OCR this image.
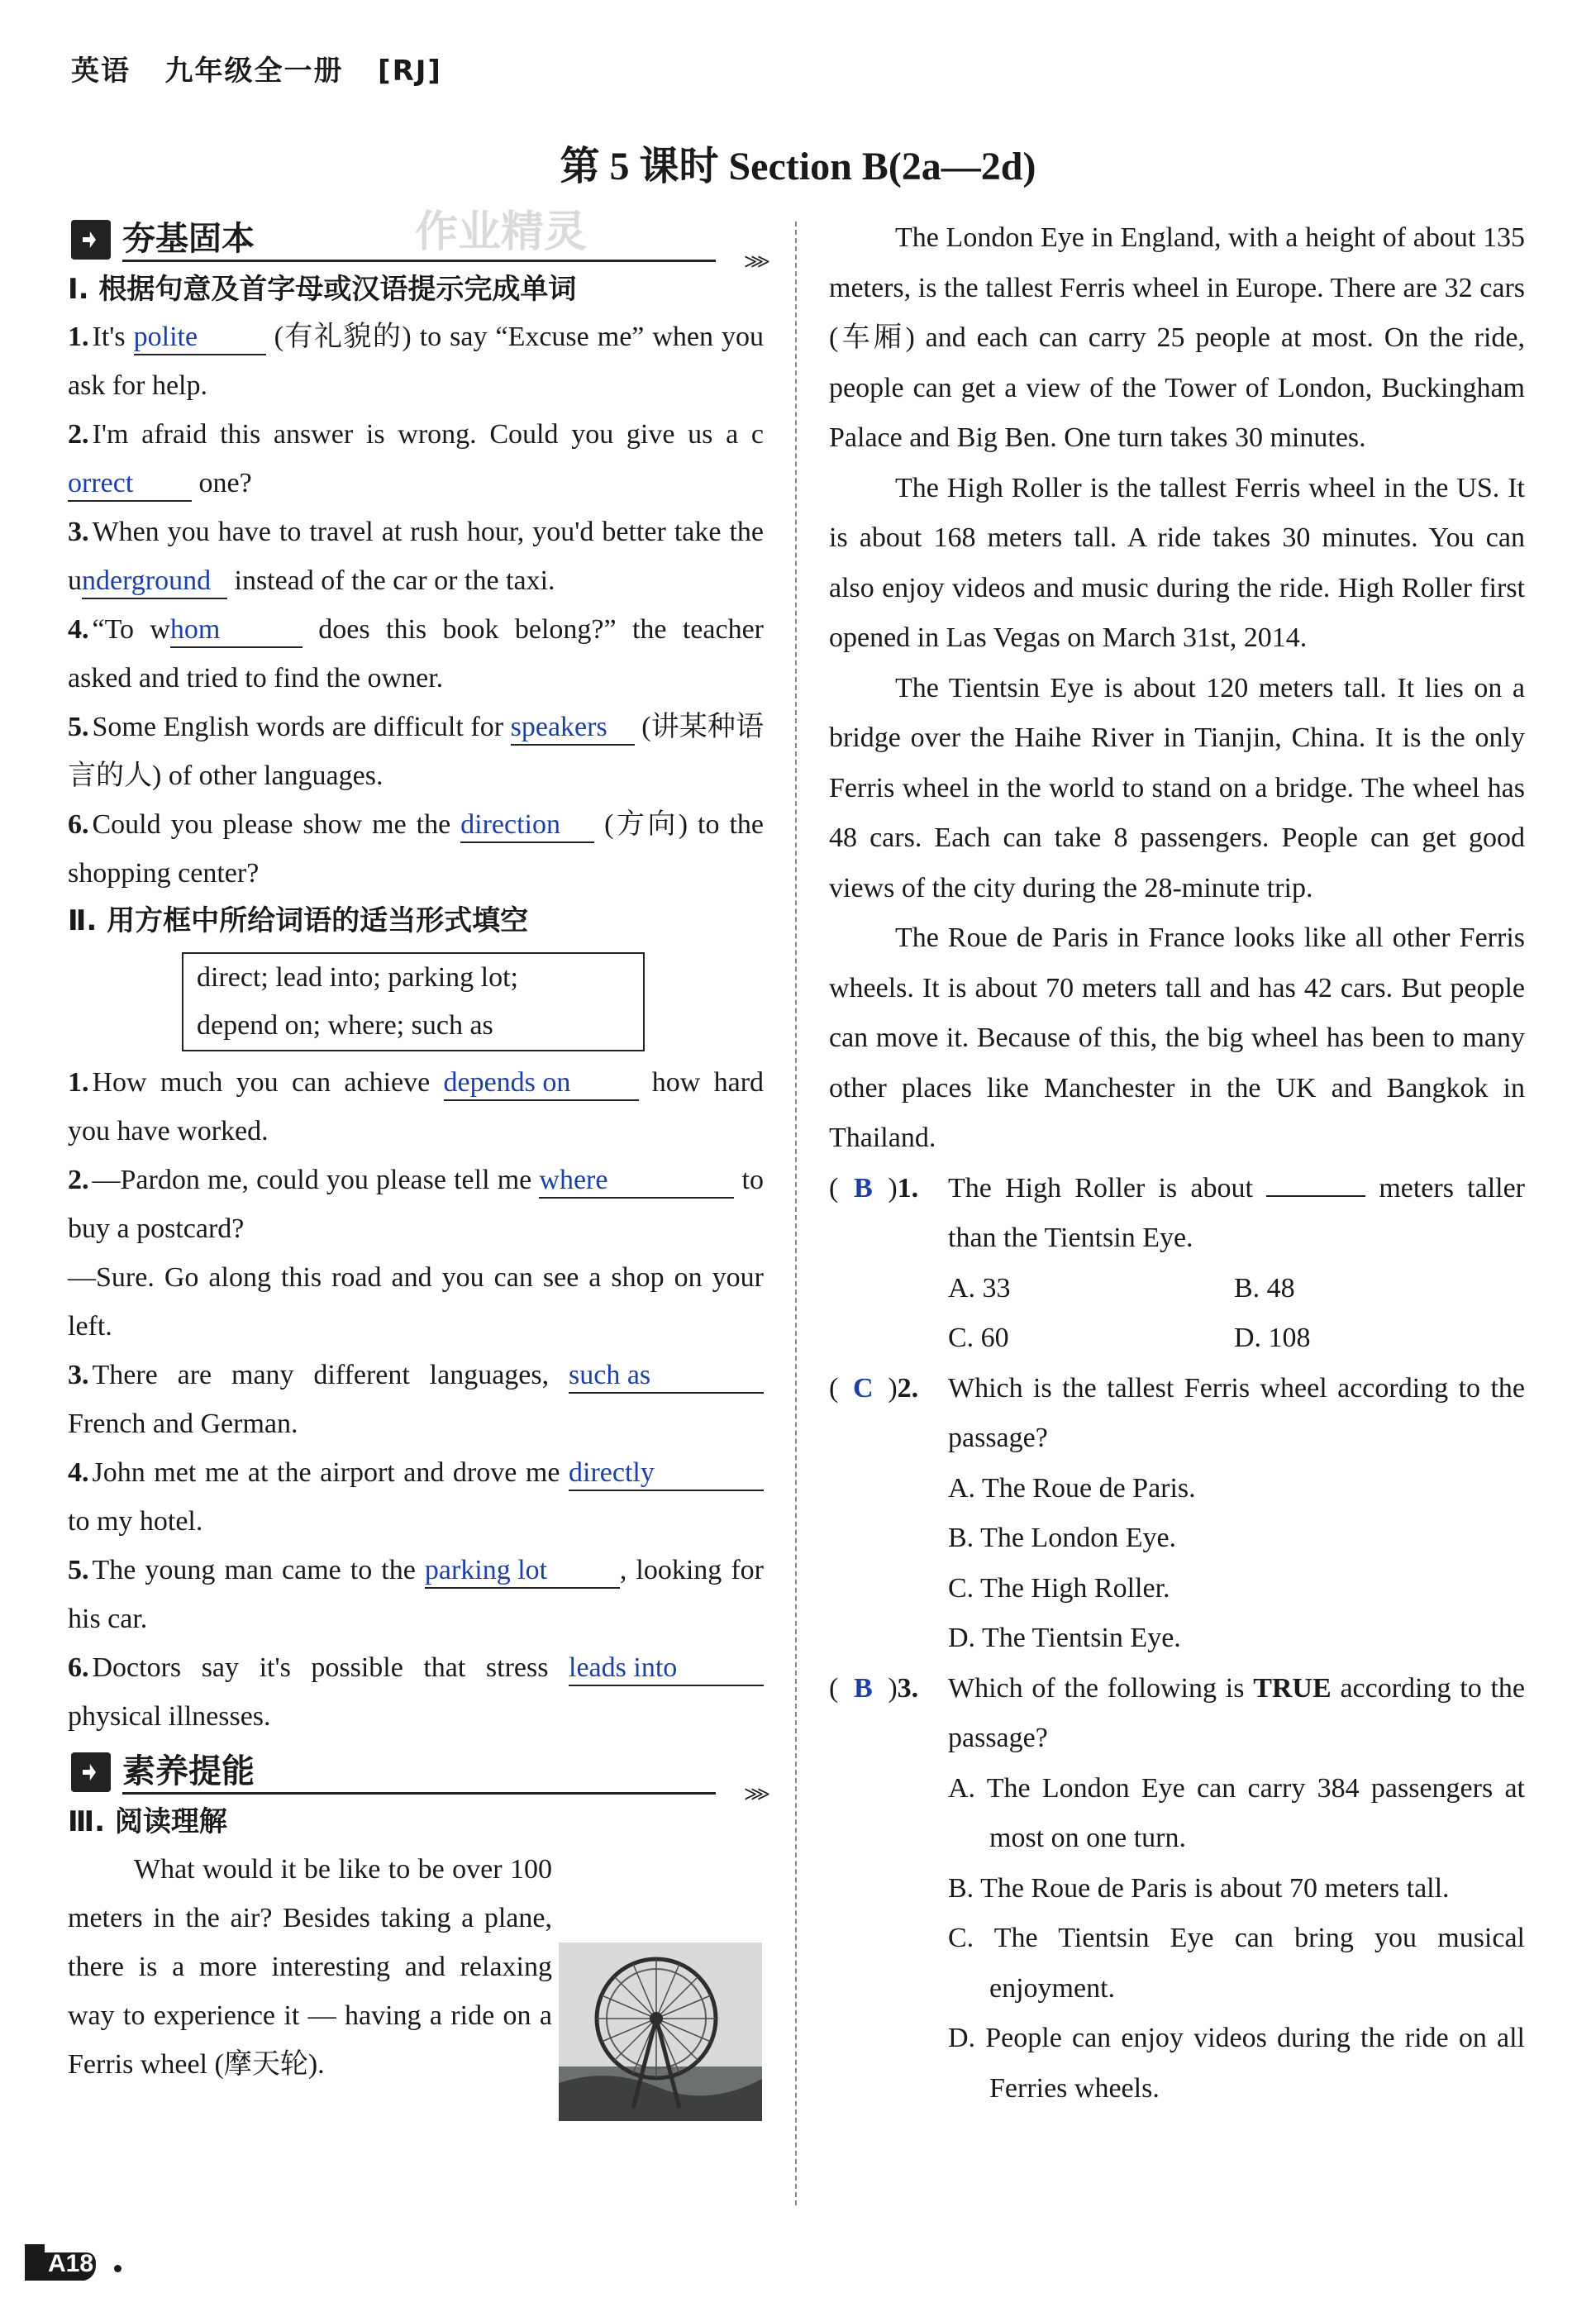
英语 九年级全一册 [RJ]
第 5 课时 Section B(2a—2d)
夯基固本
>>>
作业精灵
Ⅰ. 根据句意及首字母或汉语提示完成单词
1. It's polite	(有礼貌的) to say “Excuse me” when you ask for help.
2. I'm afraid this answer is wrong. Could you give us a correct one?
3. When you have to travel at rush hour, you'd better take the underground instead of the car or the taxi.
4. “To whom	does this book belong?” the teacher asked and tried to find the owner.
5. Some English words are difficult for speakers (讲某种语言的人) of other languages.
6. Could you please show me the direction (方向) to the shopping center?
Ⅱ. 用方框中所给词语的适当形式填空
direct; lead into; parking lot;
depend on; where; such as
1. How much you can achieve depends on	how hard you have worked.
2. —Pardon me, could you please tell me where	to buy a postcard?
—Sure. Go along this road and you can see a shop on your left.
3. There are many different languages, such as French and German.
4. John met me at the airport and drove me directly to my hotel.
5. The young man came to the parking lot	, looking for his car.
6. Doctors say it's possible that stress leads into physical illnesses.
素养提能
>>>
Ⅲ. 阅读理解
What would it be like to be over 100 meters in the air? Besides taking a plane, there is a more interesting and relaxing way to experience it — having a ride on a Ferris wheel (摩天轮).
The London Eye in England, with a height of about 135 meters, is the tallest Ferris wheel in Europe. There are 32 cars (车厢) and each can carry 25 people at most. On the ride, people can get a view of the Tower of London, Buckingham Palace and Big Ben. One turn takes 30 minutes.
The High Roller is the tallest Ferris wheel in the US. It is about 168 meters tall. A ride takes 30 minutes. You can also enjoy videos and music during the ride. High Roller first opened in Las Vegas on March 31st, 2014.
The Tientsin Eye is about 120 meters tall. It lies on a bridge over the Haihe River in Tianjin, China. It is the only Ferris wheel in the world to stand on a bridge. The wheel has 48 cars. Each can take 8 passengers. People can get good views of the city during the 28-minute trip.
The Roue de Paris in France looks like all other Ferris wheels. It is about 70 meters tall and has 42 cars. But people can move it. Because of this, the big wheel has been to many other places like Manchester in the UK and Bangkok in Thailand.
( B )1.	The High Roller is about	meters taller than the Tientsin Eye.
A. 33	B. 48
C. 60	D. 108
( C )2.	Which is the tallest Ferris wheel according to the passage?
A. The Roue de Paris.
B. The London Eye.
C. The High Roller.
D. The Tientsin Eye.
( B )3.	Which of the following is TRUE according to the passage?
A. The London Eye can carry 384 passengers at most on one turn.
B. The Roue de Paris is about 70 meters tall.
C. The Tientsin Eye can bring you musical enjoyment.
D. People can enjoy videos during the ride on all Ferries wheels.
A18
